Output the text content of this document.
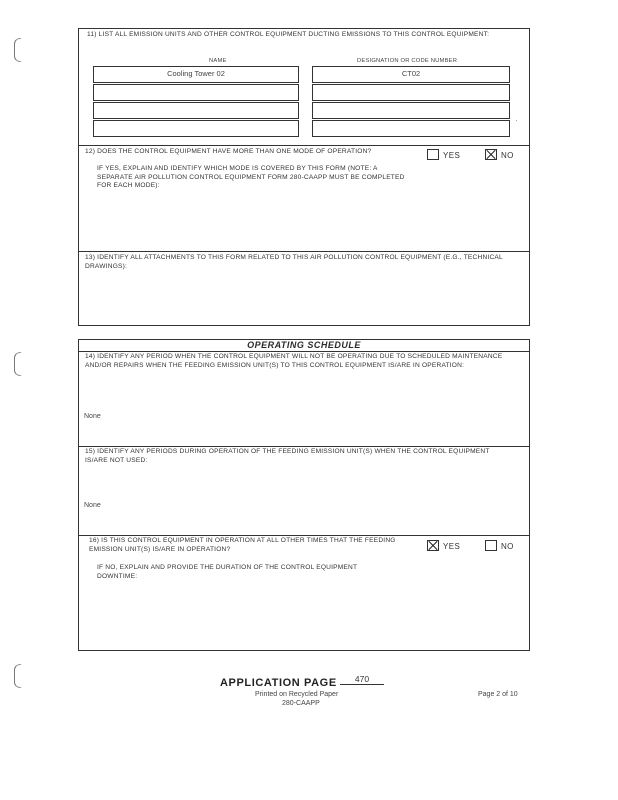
11) LIST ALL EMISSION UNITS AND OTHER CONTROL EQUIPMENT DUCTING EMISSIONS TO THIS CONTROL EQUIPMENT:
NAME	DESIGNATION OR CODE NUMBER
Cooling Tower 02	CT02
12) DOES THE CONTROL EQUIPMENT HAVE MORE THAN ONE MODE OF OPERATION?	YES	NO
IF YES, EXPLAIN AND IDENTIFY WHICH MODE IS COVERED BY THIS FORM (NOTE: A SEPARATE AIR POLLUTION CONTROL EQUIPMENT FORM 280-CAAPP MUST BE COMPLETED FOR EACH MODE):
13) IDENTIFY ALL ATTACHMENTS TO THIS FORM RELATED TO THIS AIR POLLUTION CONTROL EQUIPMENT (E.G., TECHNICAL DRAWINGS):
‘
OPERATING SCHEDULE
14) IDENTIFY ANY PERIOD WHEN THE CONTROL EQUIPMENT WILL NOT BE OPERATING DUE TO SCHEDULED MAINTENANCE AND/OR REPAIRS WHEN THE FEEDING EMISSION UNIT(S) TO THIS CONTROL EQUIPMENT IS/ARE IN OPERATION:
None
15) IDENTIFY ANY PERIODS DURING OPERATION OF THE FEEDING EMISSION UNIT(S) WHEN THE CONTROL EQUIPMENT IS/ARE NOT USED:
None
16) IS THIS CONTROL EQUIPMENT IN OPERATION AT ALL OTHER TIMES THAT THE FEEDING EMISSION UNIT(S) IS/ARE IN OPERATION?	YES	NO
IF NO, EXPLAIN AND PROVIDE THE DURATION OF THE CONTROL EQUIPMENT DOWNTIME:
APPLICATION PAGE	470
Printed on Recycled Paper
280-CAAPP
Page 2 of 10
